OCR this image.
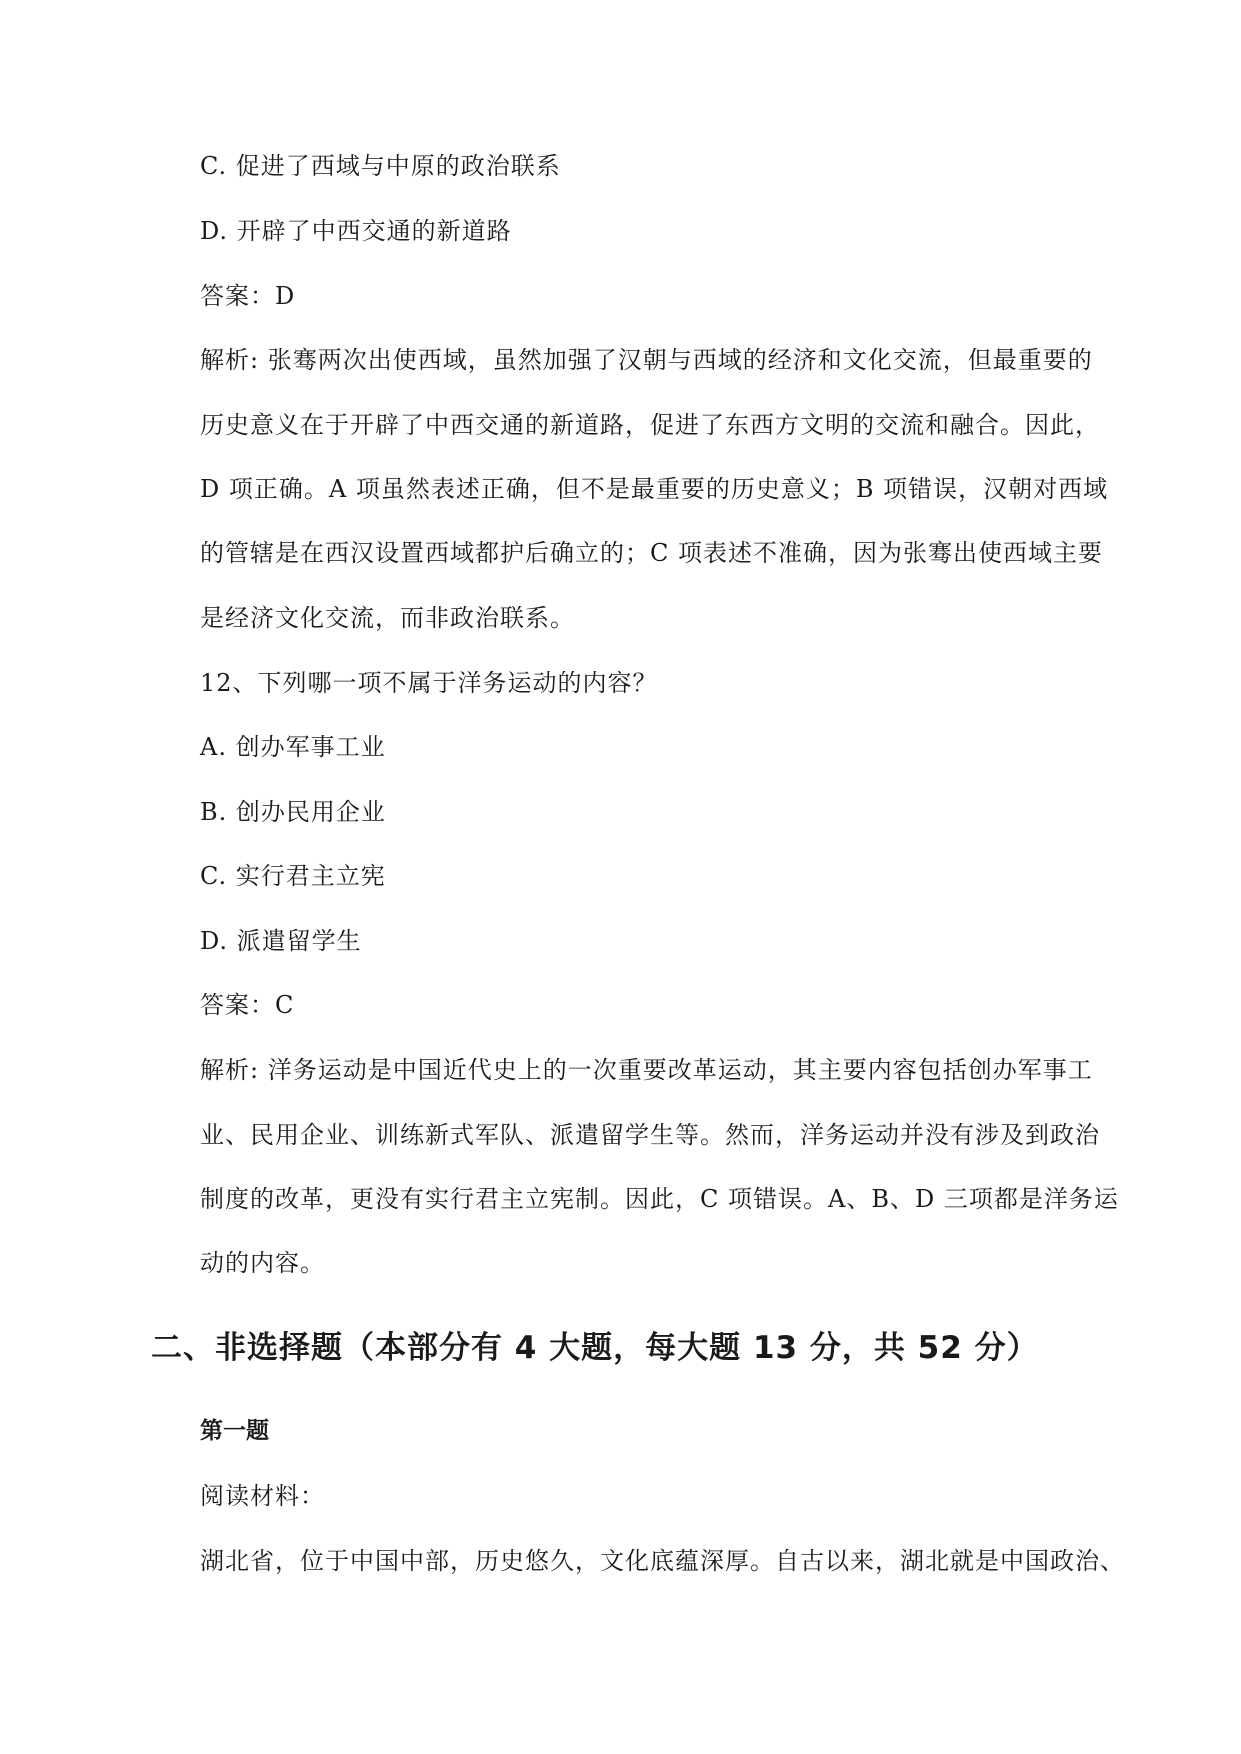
C. 促进了西域与中原的政治联系
D. 开辟了中西交通的新道路
答案：D
解析: 张骞两次出使西域，虽然加强了汉朝与西域的经济和文化交流，但最重要的
历史意义在于开辟了中西交通的新道路，促进了东西方文明的交流和融合。因此，
D 项正确。A 项虽然表述正确，但不是最重要的历史意义；B 项错误，汉朝对西域
的管辖是在西汉设置西域都护后确立的；C 项表述不准确，因为张骞出使西域主要
是经济文化交流，而非政治联系。
12、下列哪一项不属于洋务运动的内容？
A. 创办军事工业
B. 创办民用企业
C. 实行君主立宪
D. 派遣留学生
答案：C
解析: 洋务运动是中国近代史上的一次重要改革运动，其主要内容包括创办军事工
业、民用企业、训练新式军队、派遣留学生等。然而，洋务运动并没有涉及到政治
制度的改革，更没有实行君主立宪制。因此，C 项错误。A、B、D 三项都是洋务运
动的内容。
二、非选择题（本部分有 4 大题，每大题 13 分，共 52 分）
第一题
阅读材料：
湖北省，位于中国中部，历史悠久，文化底蕴深厚。自古以来，湖北就是中国政治、
